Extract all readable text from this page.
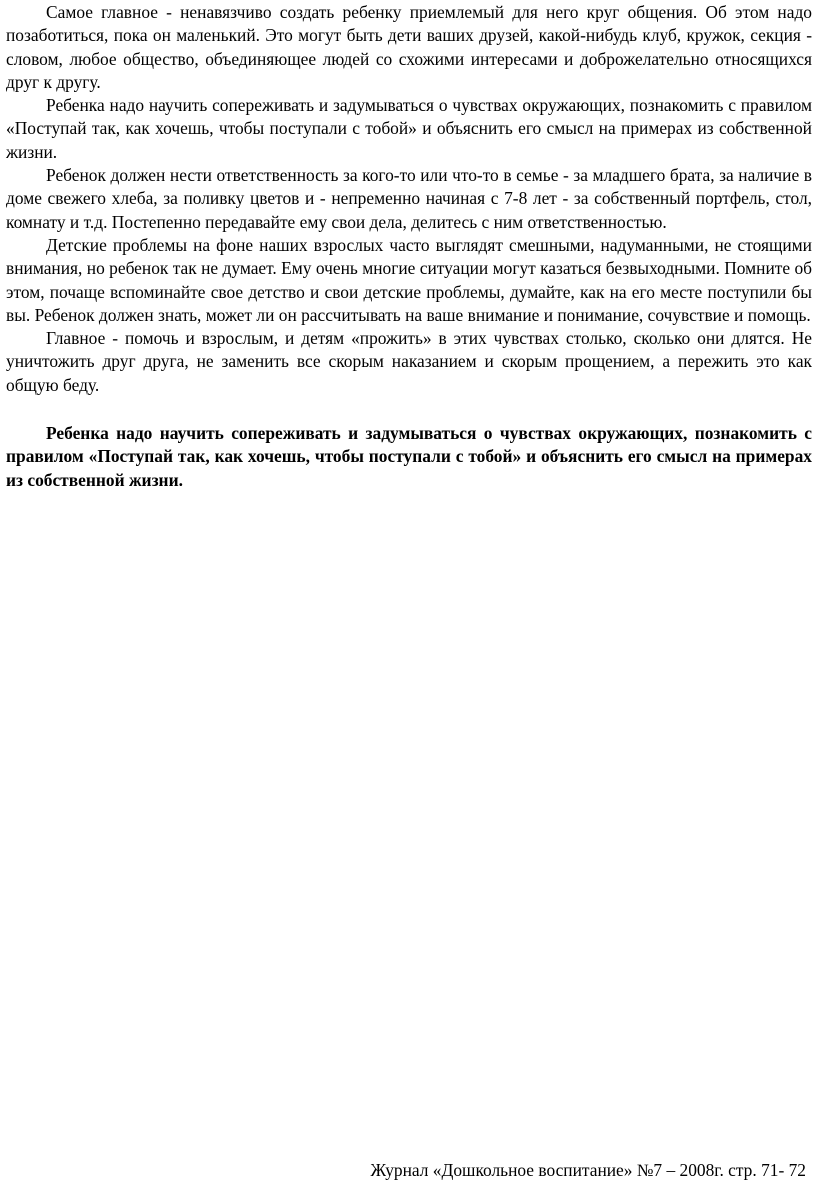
Самое главное - ненавязчиво создать ребенку приемлемый для него круг общения. Об этом надо позаботиться, пока он маленький. Это могут быть дети ваших друзей, какой-нибудь клуб, кружок, секция - словом, любое общество, объединяющее людей со схожими интересами и доброжелательно относящихся друг к другу.

Ребенка надо научить сопереживать и задумываться о чувствах окружающих, познакомить с правилом «Поступай так, как хочешь, чтобы поступали с тобой» и объяснить его смысл на примерах из собственной жизни.

Ребенок должен нести ответственность за кого-то или что-то в семье - за младшего брата, за наличие в доме свежего хлеба, за поливку цветов и - непременно начиная с 7-8 лет - за собственный портфель, стол, комнату и т.д. Постепенно передавайте ему свои дела, делитесь с ним ответственностью.

Детские проблемы на фоне наших взрослых часто выглядят смешными, надуманными, не стоящими внимания, но ребенок так не думает. Ему очень многие ситуации могут казаться безвыходными. Помните об этом, почаще вспоминайте свое детство и свои детские проблемы, думайте, как на его месте поступили бы вы. Ребенок должен знать, может ли он рассчитывать на ваше внимание и понимание, сочувствие и помощь.

Главное - помочь и взрослым, и детям «прожить» в этих чувствах столько, сколько они длятся. Не уничтожить друг друга, не заменить все скорым наказанием и скорым прощением, а пережить это как общую беду.

Ребенка надо научить сопереживать и задумываться о чувствах окружающих, познакомить с правилом «Поступай так, как хочешь, чтобы поступали с тобой» и объяснить его смысл на примерах из собственной жизни.

Журнал «Дошкольное воспитание» №7 – 2008г. стр. 71- 72
